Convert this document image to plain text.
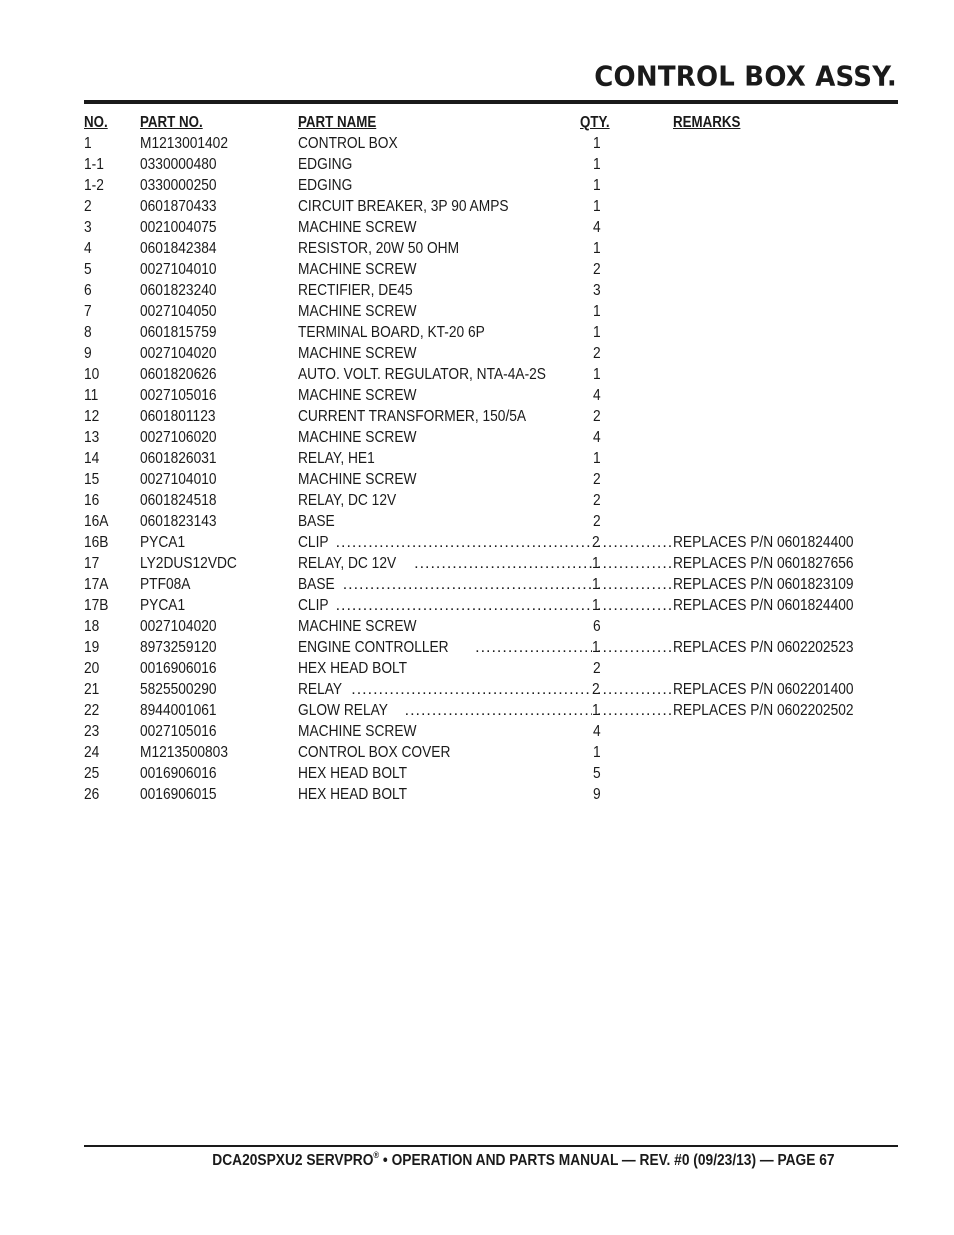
CONTROL BOX ASSY.
NO. PART NO.	PART NAME	QTY.	REMARKS
1	M1213001402	CONTROL BOX	1
1-1 0330000480	EDGING	1
1-2 0330000250	EDGING	1
2	0601870433	CIRCUIT BREAKER, 3P 90 AMPS	1
3	0021004075	MACHINE SCREW	4
4	0601842384	RESISTOR, 20W 50 OHM	1
5	0027104010	MACHINE SCREW	2
6	0601823240	RECTIFIER, DE45	3
7	0027104050	MACHINE SCREW	1
8	0601815759	TERMINAL BOARD, KT-20 6P	1
9	0027104020	MACHINE SCREW	2
10	0601820626	AUTO. VOLT. REGULATOR, NTA-4A-2S	1
11	0027105016	MACHINE SCREW	4
12	0601801123	CURRENT TRANSFORMER, 150/5A	2
13	0027106020	MACHINE SCREW	4
14	0601826031	RELAY, HE1	1
15	0027104010	MACHINE SCREW	2
16	0601824518	RELAY, DC 12V	2
16A 0601823143	BASE	2
16B PYCA1	CLIP .....	2 .....	REPLACES P/N 0601824400
17	LY2DUS12VDC	RELAY, DC 12V .....	1 .....	REPLACES P/N 0601827656
17A PTF08A	BASE .....	1 .....	REPLACES P/N 0601823109
17B PYCA1	CLIP .....	1 .....	REPLACES P/N 0601824400
18	0027104020	MACHINE SCREW	6
19	8973259120	ENGINE CONTROLLER .....	1 .....	REPLACES P/N 0602202523
20	0016906016	HEX HEAD BOLT	2
21	5825500290	RELAY .....	2 .....	REPLACES P/N 0602201400
22	8944001061	GLOW RELAY .....	1 .....	REPLACES P/N 0602202502
23	0027105016	MACHINE SCREW	4
24	M1213500803	CONTROL BOX COVER	1
25	0016906016	HEX HEAD BOLT	5
26	0016906015	HEX HEAD BOLT	9
DCA20SPXU2 SERVPRO® • OPERATION AND PARTS MANUAL — REV. #0 (09/23/13) — PAGE 67
